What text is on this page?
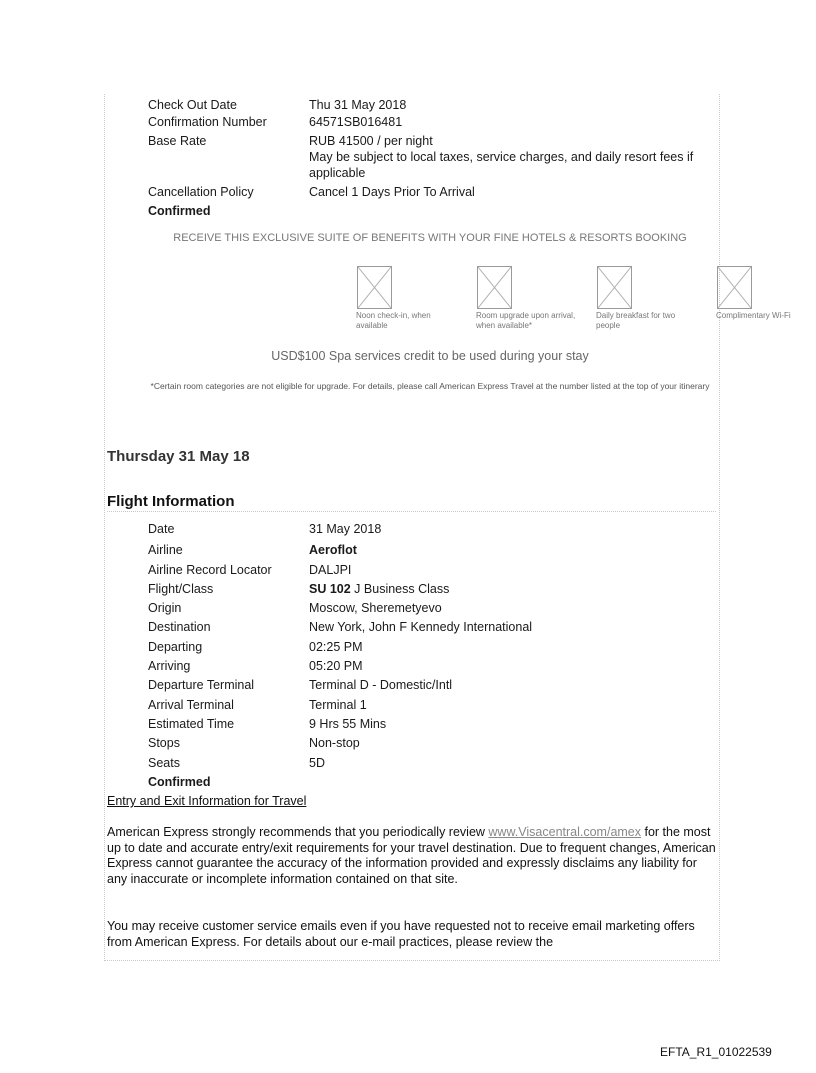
Check Out Date	Thu 31 May 2018
Confirmation Number	64571SB016481
Base Rate	RUB 41500 / per night
May be subject to local taxes, service charges, and daily resort fees if applicable
Cancellation Policy	Cancel 1 Days Prior To Arrival
Confirmed
RECEIVE THIS EXCLUSIVE SUITE OF BENEFITS WITH YOUR FINE HOTELS & RESORTS BOOKING
Noon check-in, when available
Room upgrade upon arrival, when available*
Daily breakfast for two people
Complimentary Wi-Fi
USD$100 Spa services credit to be used during your stay
*Certain room categories are not eligible for upgrade. For details, please call American Express Travel at the number listed at the top of your itinerary
Thursday 31 May 18
Flight Information
Date	31 May 2018
Airline	Aeroflot
Airline Record Locator	DALJPI
Flight/Class	SU 102 J Business Class
Origin	Moscow, Sheremetyevo
Destination	New York, John F Kennedy International
Departing	02:25 PM
Arriving	05:20 PM
Departure Terminal	Terminal D - Domestic/Intl
Arrival Terminal	Terminal 1
Estimated Time	9 Hrs 55 Mins
Stops	Non-stop
Seats	5D
Confirmed
Entry and Exit Information for Travel
American Express strongly recommends that you periodically review www.Visacentral.com/amex for the most up to date and accurate entry/exit requirements for your travel destination. Due to frequent changes, American Express cannot guarantee the accuracy of the information provided and expressly disclaims any liability for any inaccurate or incomplete information contained on that site.
You may receive customer service emails even if you have requested not to receive email marketing offers from American Express. For details about our e-mail practices, please review the
EFTA_R1_01022539
